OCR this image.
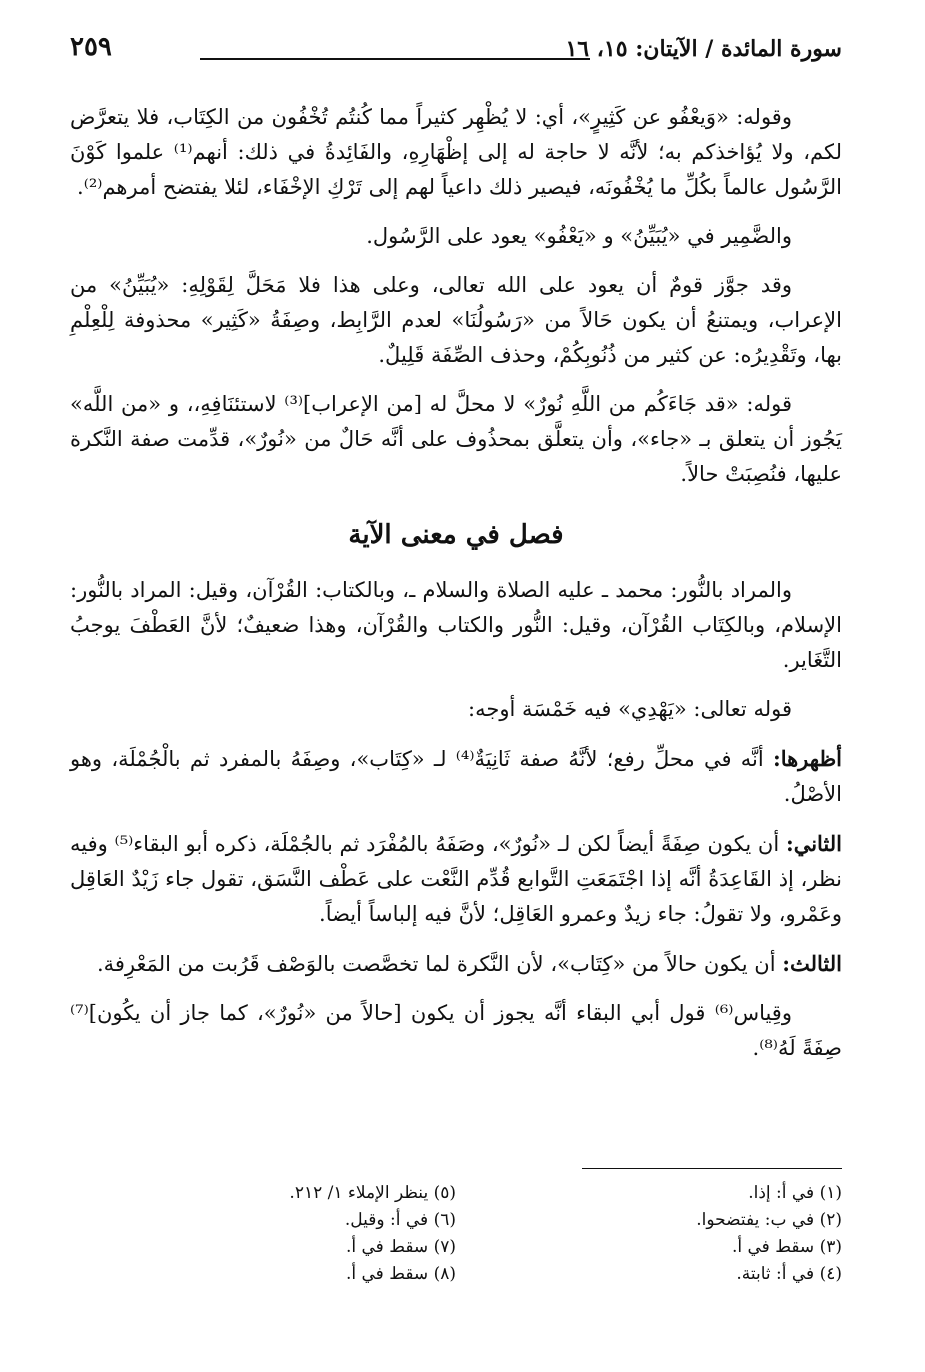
سورة المائدة / الآيتان: ١٥، ١٦
٢٥٩

وقوله: «وَيعْفُو عن كَثِيرٍ»، أي: لا يُظْهِر كثيراً مما كُنتُم تُخْفُون من الكِتَاب، فلا يتعرَّض لكم، ولا يُؤاخذكم به؛ لأنَّه لا حاجة له إلى إظْهَارِهِ، والفَائِدةُ في ذلك: أنهم⁽¹⁾ علموا كَوْنَ الرَّسُول عالماً بكُلِّ ما يُخْفُونَه، فيصير ذلك داعياً لهم إلى تَرْكِ الإخْفَاء، لئلا يفتضح أمرهم⁽²⁾.

والضَّمِير في «يُبَيِّنُ» و «يَعْفُو» يعود على الرَّسُول.

وقد جوَّز قومٌ أن يعود على الله تعالى، وعلى هذا فلا مَحَلَّ لِقَوْلِهِ: «يُبَيِّنُ» من الإعراب، ويمتنعُ أن يكون حَالاً من «رَسُولُنَا» لعدم الرَّابِط، وصِفَةُ «كَثِير» محذوفة لِلْعِلْمِ بها، وتَقْدِيرُه: عن كثير من ذُنُوبِكُمْ، وحذف الصِّفَة قَلِيلٌ.

قوله: «قد جَاءَكُم من اللَّهِ نُورٌ» لا محلَّ له [من الإعراب]⁽³⁾ لاستئنَافِهِ،، و «من اللَّه» يَجُوز أن يتعلق بـ «جاء»، وأن يتعلَّق بمحذُوف على أنَّه حَالٌ من «نُورٌ»، قدِّمت صفة النَّكرة عليها، فنُصِبَتْ حالاً.

فصل في معنى الآية

والمراد بالنُّور: محمد ـ عليه الصلاة والسلام ـ، وبالكتاب: القُرْآن، وقيل: المراد بالنُّور: الإسلام، وبالكِتَاب القُرْآن، وقيل: النُّور والكتاب والقُرْآن، وهذا ضعيفٌ؛ لأنَّ العَطْفَ يوجبُ التَّغَاير.

قوله تعالى: «يَهْدِي» فيه خَمْسَة أوجه:

أظهرها: أنَّه في محلِّ رفع؛ لأنَّهُ صفة ثَانِيَةٌ⁽⁴⁾ لـ «كِتَاب»، وصِفَهُ بالمفرد ثم بالْجُمْلَة، وهو الأصْلُ.

الثاني: أن يكون صِفَةً أيضاً لكن لـ «نُورٌ»، وصَفَهُ بالمُفْرَد ثم بالجُمْلَة، ذكره أبو البقاء⁽⁵⁾ وفيه نظر، إذ القَاعِدَةُ أنَّه إذا اجْتَمَعَتِ التَّوابع قُدِّم النَّعْت على عَطْف النَّسَق، تقول جاء زَيْدٌ العَاقِل وعَمْرو، ولا تقولُ: جاء زيدٌ وعمرو العَاقِل؛ لأنَّ فيه إلباساً أيضاً.

الثالث: أن يكون حالاً من «كِتَاب»، لأن النَّكرة لما تخصَّصت بالوَصْف قَرُبت من المَعْرِفة.

وقِياس⁽⁶⁾ قول أبي البقاء أنَّه يجوز أن يكون [حالاً من «نُورٌ»، كما جاز أن يكُون]⁽⁷⁾ صِفَةً لَهُ⁽⁸⁾.

(١) في أ: إذا.
(٢) في ب: يفتضحوا.
(٣) سقط في أ.
(٤) في أ: ثابتة.
(٥) ينظر الإملاء ١/ ٢١٢.
(٦) في أ: وقيل.
(٧) سقط في أ.
(٨) سقط في أ.
